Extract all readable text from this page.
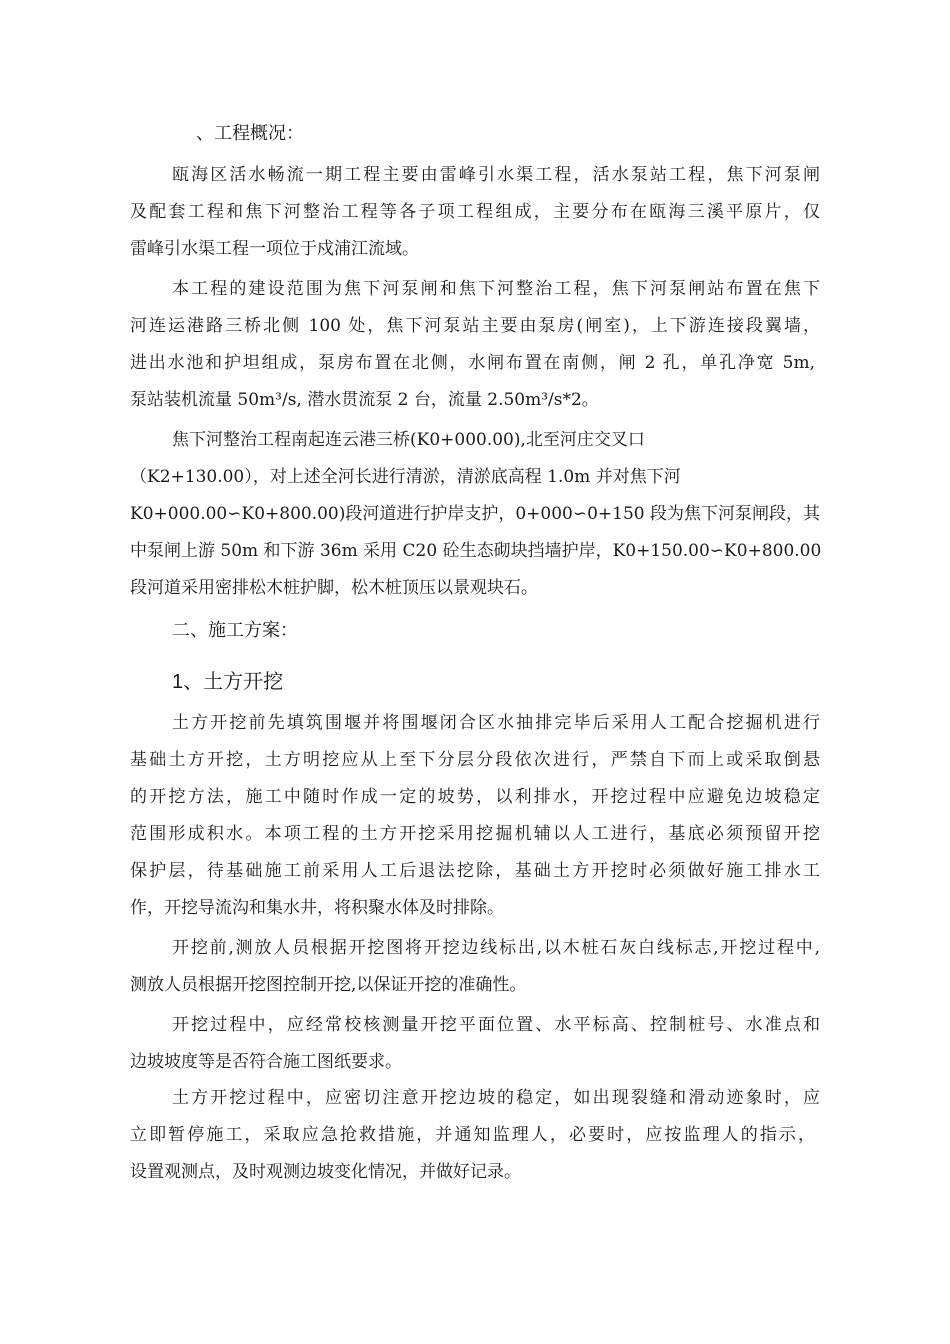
、工程概况：
瓯海区活水畅流一期工程主要由雷峰引水渠工程，活水泵站工程，焦下河泵闸
及配套工程和焦下河整治工程等各子项工程组成，主要分布在瓯海三溪平原片，仅
雷峰引水渠工程一项位于戍浦江流域。
本工程的建设范围为焦下河泵闸和焦下河整治工程，焦下河泵闸站布置在焦下
河连运港路三桥北侧 100 处，焦下河泵站主要由泵房(闸室)，上下游连接段翼墙，
进出水池和护坦组成，泵房布置在北侧，水闸布置在南侧，闸 2 孔，单孔净宽 5m,
泵站装机流量 50m³/s, 潜水贯流泵 2 台，流量 2.50m³/s*2。
焦下河整治工程南起连云港三桥(K0+000.00),北至河庄交叉口
（K2+130.00），对上述全河长进行清淤，清淤底高程 1.0m 并对焦下河
K0+000.00∽K0+800.00)段河道进行护岸支护，0+000∽0+150 段为焦下河泵闸段，其
中泵闸上游 50m 和下游 36m 采用 C20 砼生态砌块挡墙护岸，K0+150.00∽K0+800.00
段河道采用密排松木桩护脚，松木桩顶压以景观块石。
二、施工方案：
1、土方开挖
土方开挖前先填筑围堰并将围堰闭合区水抽排完毕后采用人工配合挖掘机进行
基础土方开挖，土方明挖应从上至下分层分段依次进行，严禁自下而上或采取倒悬
的开挖方法，施工中随时作成一定的坡势，以利排水，开挖过程中应避免边坡稳定
范围形成积水。本项工程的土方开挖采用挖掘机辅以人工进行，基底必须预留开挖
保护层，待基础施工前采用人工后退法挖除，基础土方开挖时必须做好施工排水工
作，开挖导流沟和集水井，将积聚水体及时排除。
开挖前,测放人员根据开挖图将开挖边线标出,以木桩石灰白线标志,开挖过程中,
测放人员根据开挖图控制开挖,以保证开挖的准确性。
开挖过程中，应经常校核测量开挖平面位置、水平标高、控制桩号、水准点和
边坡坡度等是否符合施工图纸要求。
土方开挖过程中，应密切注意开挖边坡的稳定，如出现裂缝和滑动迹象时，应
立即暂停施工，采取应急抢救措施，并通知监理人，必要时，应按监理人的指示，
设置观测点，及时观测边坡变化情况，并做好记录。
